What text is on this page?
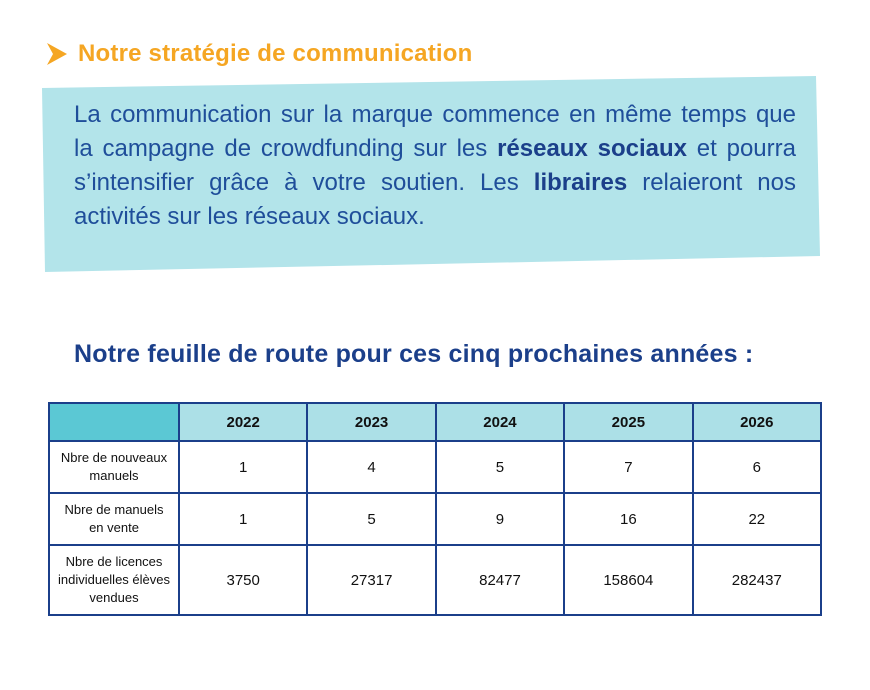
Notre stratégie de communication
La communication sur la marque commence en même temps que la campagne de crowdfunding sur les réseaux sociaux et pourra s’intensifier grâce à votre soutien. Les libraires relaieront nos activités sur les réseaux sociaux.
Notre feuille de route pour ces cinq prochaines années :
	2022	2023	2024	2025	2026
Nbre de nouveaux manuels	1	4	5	7	6
Nbre de manuels en vente	1	5	9	16	22
Nbre de licences individuelles élèves vendues	3750	27317	82477	158604	282437
